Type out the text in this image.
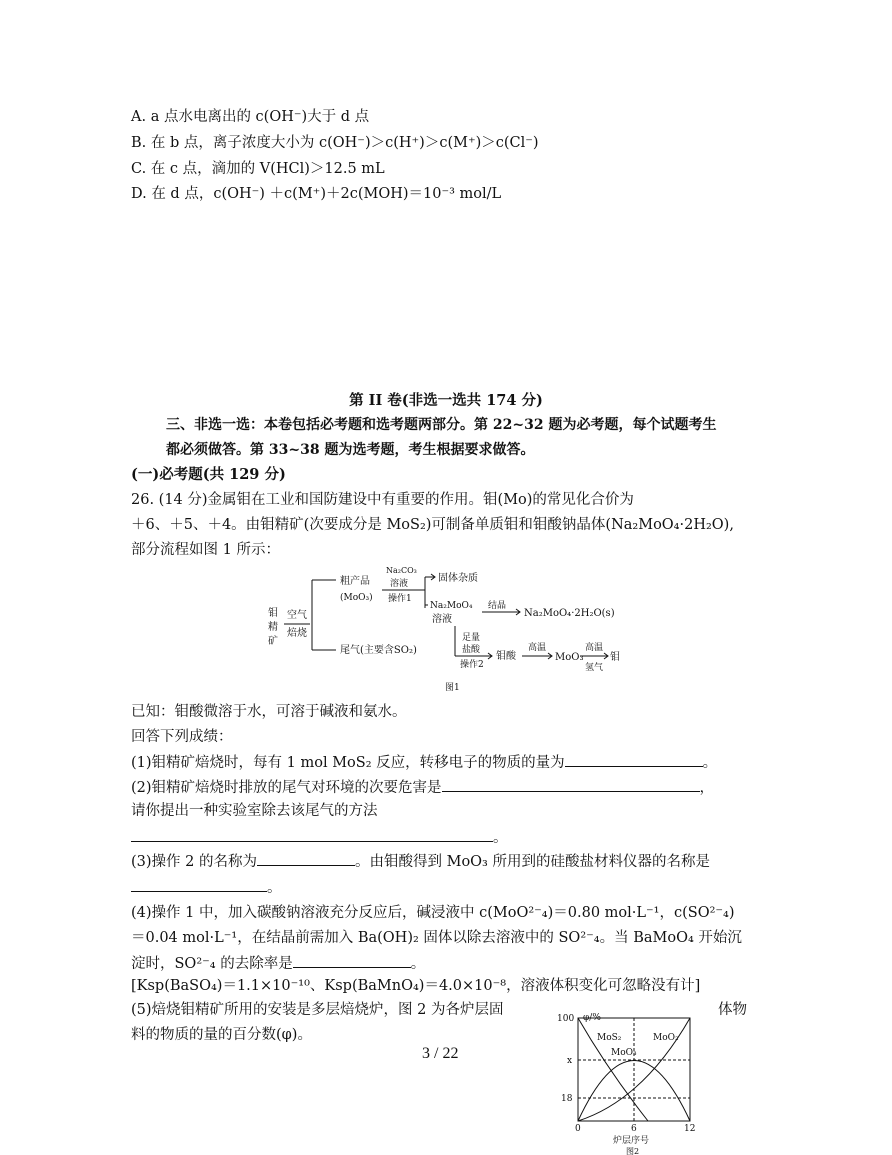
A. a 点水电离出的 c(OH⁻)大于 d 点
B. 在 b 点，离子浓度大小为 c(OH⁻)＞c(H⁺)＞c(M⁺)＞c(Cl⁻)
C. 在 c 点，滴加的 V(HCl)＞12.5 mL
D. 在 d 点，c(OH⁻) ＋c(M⁺)＋2c(MOH)＝10⁻³ mol/L
第 II 卷(非选一选共 174 分)
三、非选一选：本卷包括必考题和选考题两部分。第 22~32 题为必考题，每个试题考生
都必须做答。第 33~38 题为选考题，考生根据要求做答。
(一)必考题(共 129 分)
26. (14 分)金属钼在工业和国防建设中有重要的作用。钼(Mo)的常见化合价为
＋6、＋5、＋4。由钼精矿(次要成分是 MoS₂)可制备单质钼和钼酸钠晶体(Na₂MoO₄·2H₂O),
部分流程如图 1 所示：
钼
精
矿
空气
焙烧
粗产品
(MoO₃)
Na₂CO₃
溶液
操作1
固体杂质
Na₂MoO₄
溶液
结晶
Na₂MoO₄·2H₂O(s)
尾气(主要含SO₂)
足量
盐酸
操作2
钼酸
高温
MoO₃
高温
氢气
钼
图1
已知：钼酸微溶于水，可溶于碱液和氨水。
回答下列成绩：
(1)钼精矿焙烧时，每有 1 mol MoS₂ 反应，转移电子的物质的量为	。
(2)钼精矿焙烧时排放的尾气对环境的次要危害是	，
请你提出一种实验室除去该尾气的方法
。
(3)操作 2 的名称为	。由钼酸得到 MoO₃ 所用到的硅酸盐材料仪器的名称是
。
(4)操作 1 中，加入碳酸钠溶液充分反应后，碱浸液中 c(MoO²⁻₄)＝0.80 mol·L⁻¹，c(SO²⁻₄)
＝0.04 mol·L⁻¹，在结晶前需加入 Ba(OH)₂ 固体以除去溶液中的 SO²⁻₄。当 BaMoO₄ 开始沉
淀时，SO²⁻₄ 的去除率是	。
[Ksp(BaSO₄)＝1.1×10⁻¹⁰、Ksp(BaMnO₄)＝4.0×10⁻⁸，溶液体积变化可忽略没有计]
(5)焙烧钼精矿所用的安装是多层焙烧炉，图 2 为各炉层固	体物
料的物质的量的百分数(φ)。
φ/%
100
x
18
0	6	12
炉层序号
MoS₂	MoO₂
MoO₃
图2
3 / 22
